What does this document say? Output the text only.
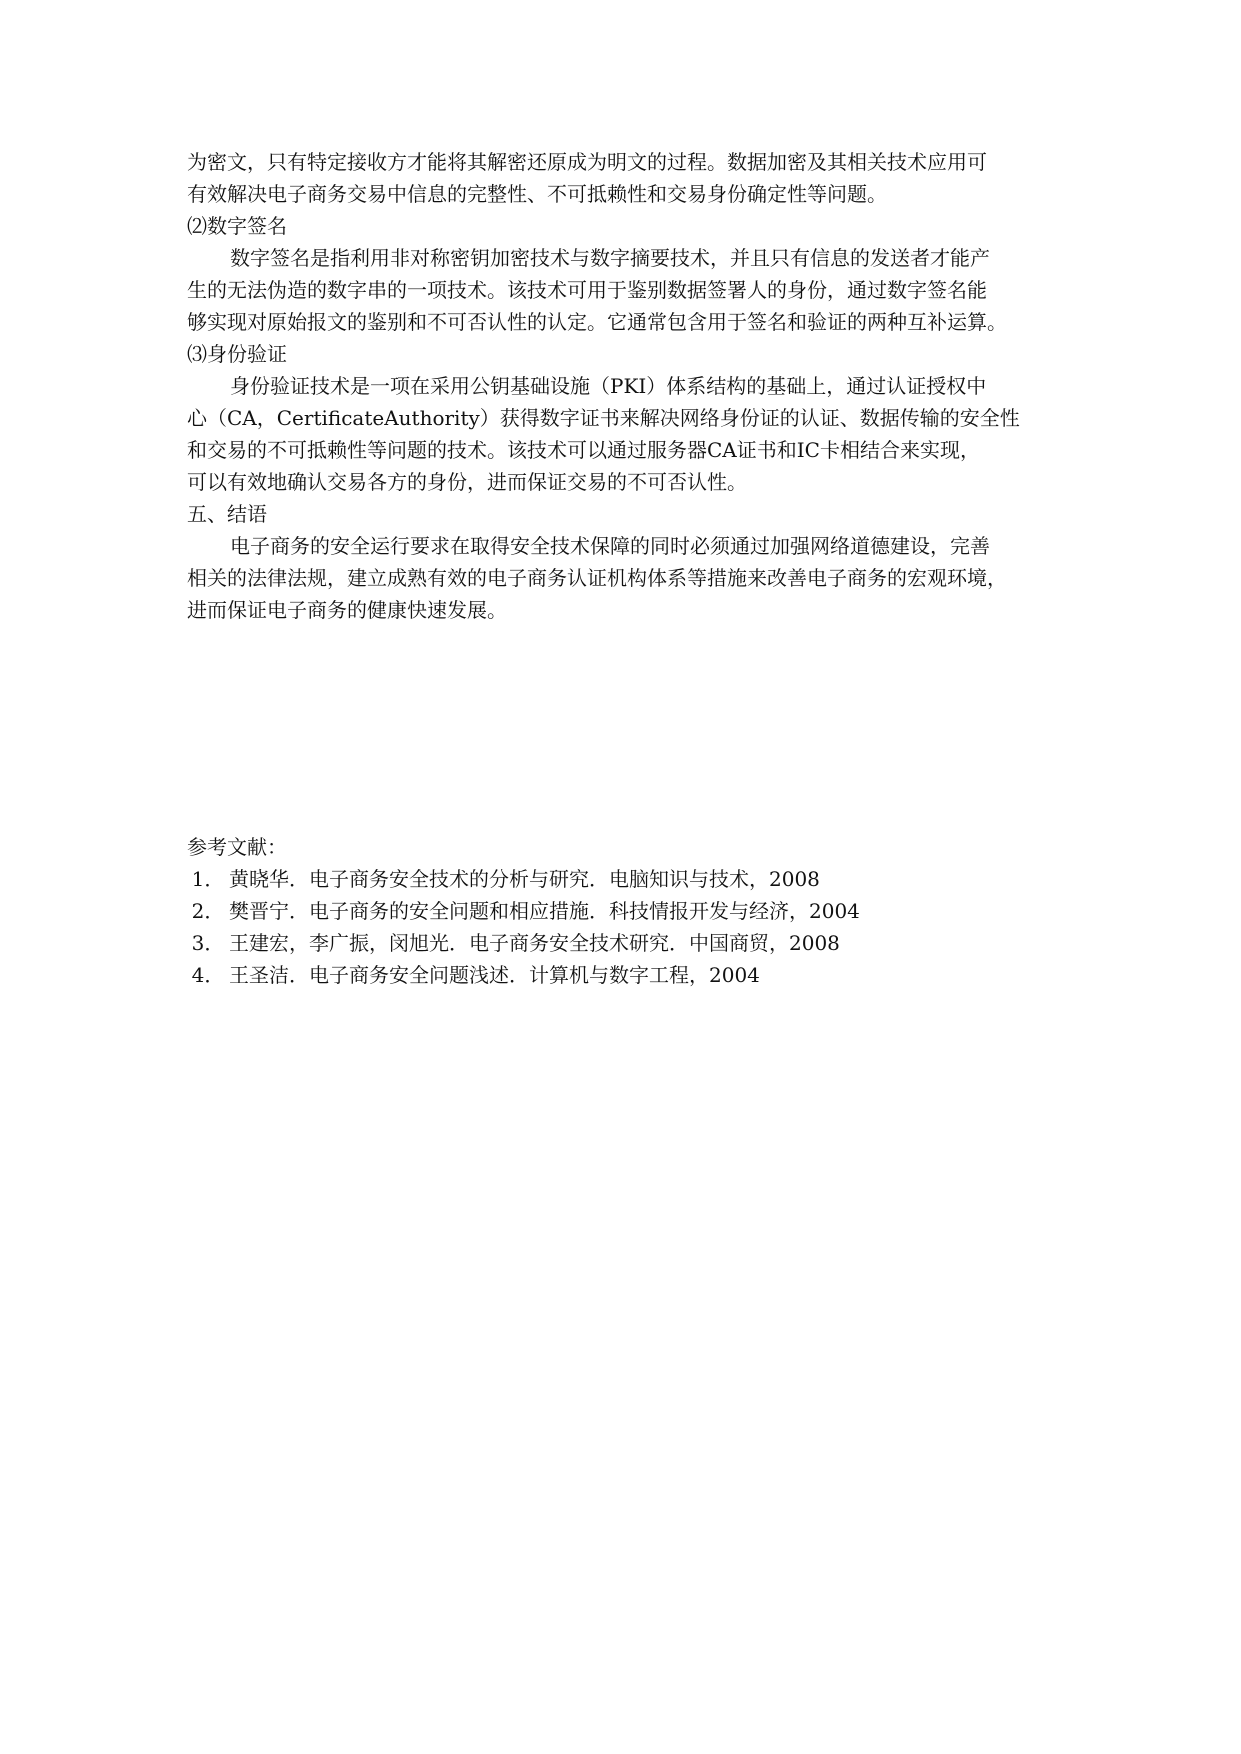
为密文，只有特定接收方才能将其解密还原成为明文的过程。数据加密及其相关技术应用可

有效解决电子商务交易中信息的完整性、不可抵赖性和交易身份确定性等问题。

⑵数字签名

数字签名是指利用非对称密钥加密技术与数字摘要技术，并且只有信息的发送者才能产

生的无法伪造的数字串的一项技术。该技术可用于鉴别数据签署人的身份，通过数字签名能

够实现对原始报文的鉴别和不可否认性的认定。它通常包含用于签名和验证的两种互补运算。

⑶身份验证

身份验证技术是一项在采用公钥基础设施（PKI）体系结构的基础上，通过认证授权中

心（CA，CertificateAuthority）获得数字证书来解决网络身份证的认证、数据传输的安全性

和交易的不可抵赖性等问题的技术。该技术可以通过服务器CA证书和IC卡相结合来实现，

可以有效地确认交易各方的身份，进而保证交易的不可否认性。

五、结语

电子商务的安全运行要求在取得安全技术保障的同时必须通过加强网络道德建设，完善

相关的法律法规，建立成熟有效的电子商务认证机构体系等措施来改善电子商务的宏观环境，

进而保证电子商务的健康快速发展。

参考文献：

1． 黄晓华．电子商务安全技术的分析与研究．电脑知识与技术，2008

2． 樊晋宁．电子商务的安全问题和相应措施．科技情报开发与经济，2004

3． 王建宏，李广振，闵旭光．电子商务安全技术研究．中国商贸，2008

4． 王圣洁．电子商务安全问题浅述．计算机与数字工程，2004
